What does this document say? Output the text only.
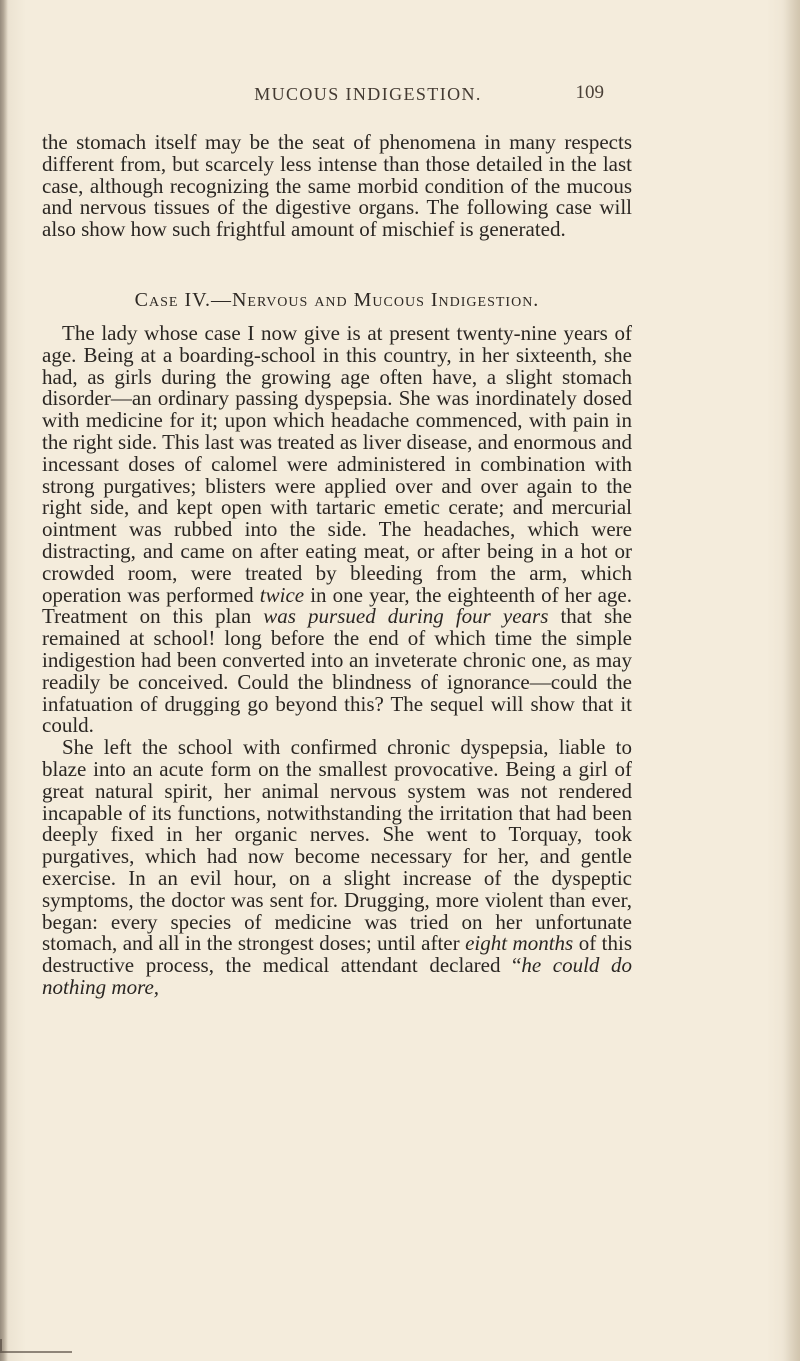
MUCOUS INDIGESTION.	109

the stomach itself may be the seat of phenomena in many respects different from, but scarcely less intense than those detailed in the last case, although recognizing the same morbid condition of the mucous and nervous tissues of the digestive organs. The following case will also show how such frightful amount of mischief is generated.

Case IV.—Nervous and Mucous Indigestion.

The lady whose case I now give is at present twenty-nine years of age. Being at a boarding-school in this country, in her sixteenth, she had, as girls during the growing age often have, a slight stomach disorder—an ordinary passing dyspepsia. She was inordinately dosed with medicine for it; upon which headache commenced, with pain in the right side. This last was treated as liver disease, and enormous and incessant doses of calomel were administered in combination with strong purgatives; blisters were applied over and over again to the right side, and kept open with tartaric emetic cerate; and mercurial ointment was rubbed into the side. The headaches, which were distracting, and came on after eating meat, or after being in a hot or crowded room, were treated by bleeding from the arm, which operation was performed twice in one year, the eighteenth of her age. Treatment on this plan was pursued during four years that she remained at school! long before the end of which time the simple indigestion had been converted into an inveterate chronic one, as may readily be conceived. Could the blindness of ignorance—could the infatuation of drugging go beyond this? The sequel will show that it could.

She left the school with confirmed chronic dyspepsia, liable to blaze into an acute form on the smallest provocative. Being a girl of great natural spirit, her animal nervous system was not rendered incapable of its functions, notwithstanding the irritation that had been deeply fixed in her organic nerves. She went to Torquay, took purgatives, which had now become necessary for her, and gentle exercise. In an evil hour, on a slight increase of the dyspeptic symptoms, the doctor was sent for. Drugging, more violent than ever, began: every species of medicine was tried on her unfortunate stomach, and all in the strongest doses; until after eight months of this destructive process, the medical attendant declared “he could do nothing more,
